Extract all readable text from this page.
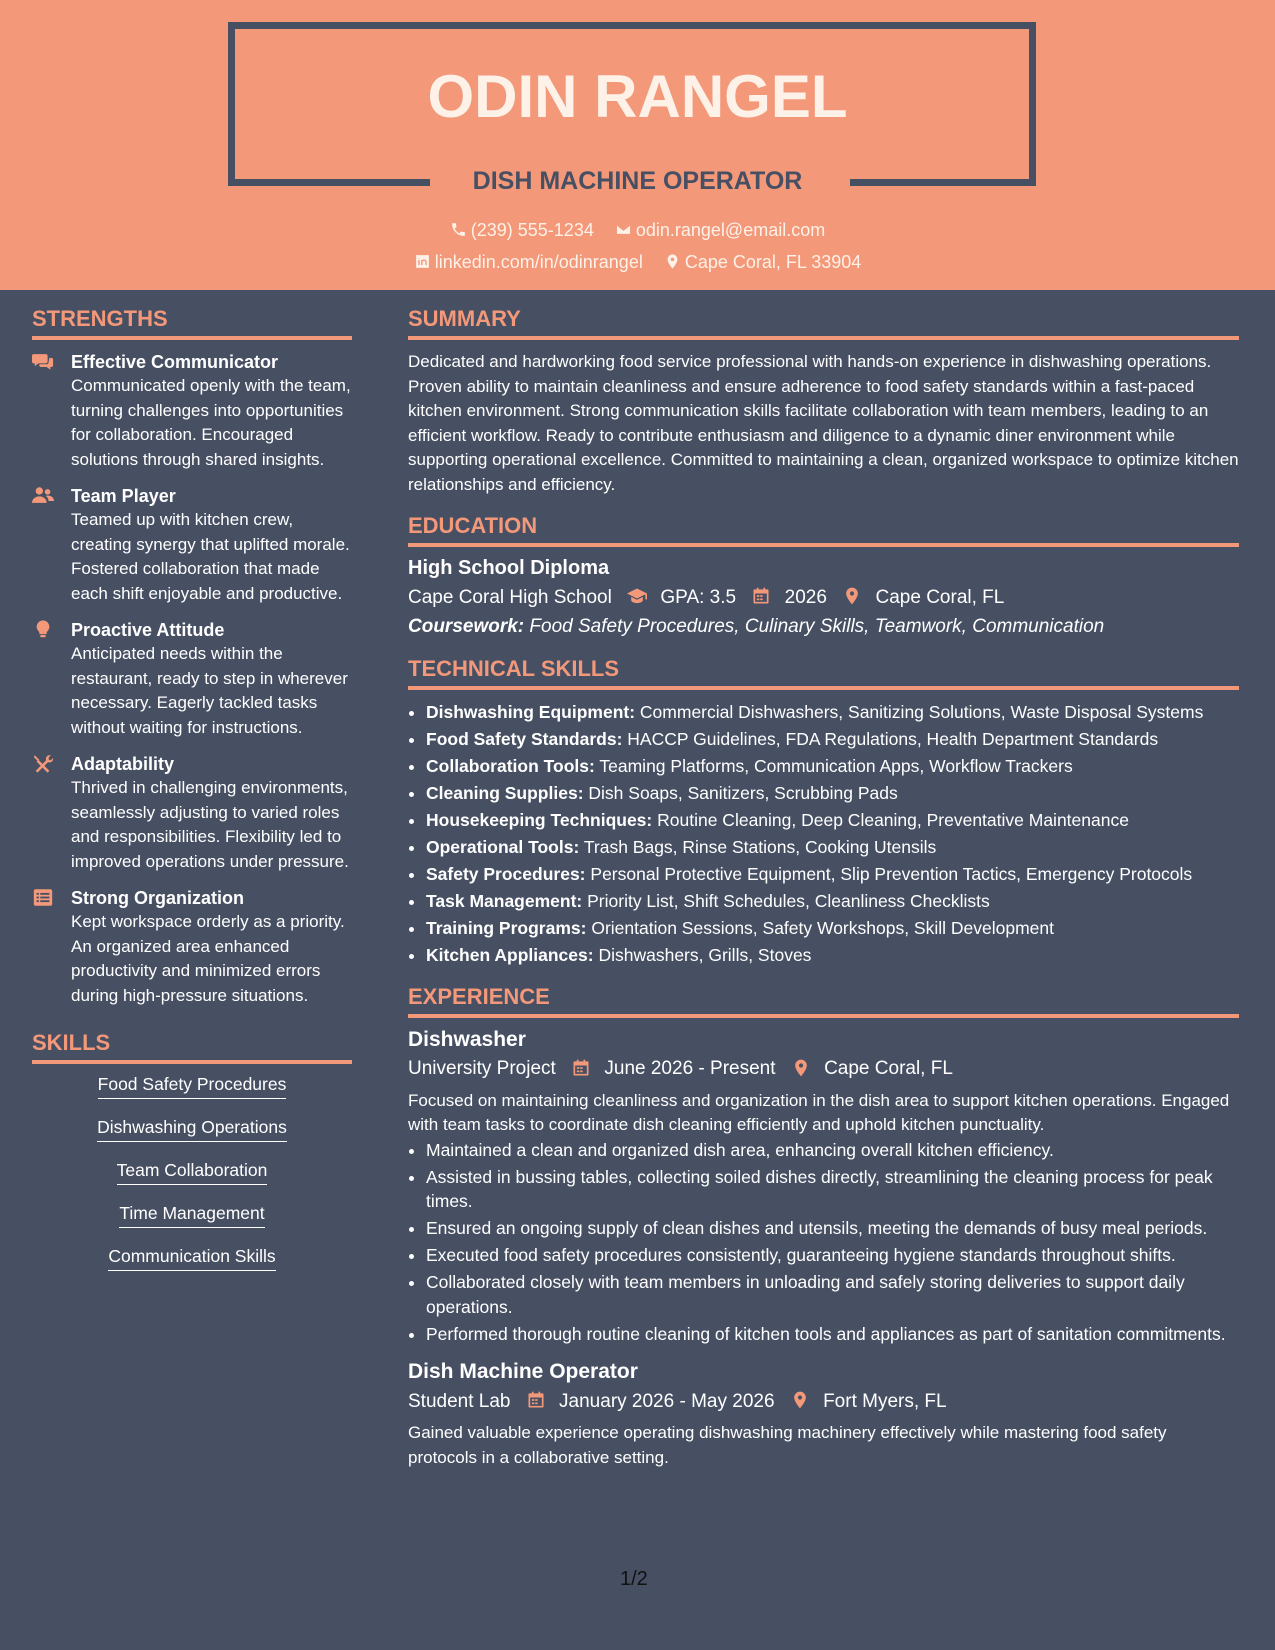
ODIN RANGEL
DISH MACHINE OPERATOR
(239) 555-1234 odin.rangel@email.com
linkedin.com/in/odinrangel Cape Coral, FL 33904
STRENGTHS
Effective Communicator
Communicated openly with the team, turning challenges into opportunities for collaboration. Encouraged solutions through shared insights.
Team Player
Teamed up with kitchen crew, creating synergy that uplifted morale. Fostered collaboration that made each shift enjoyable and productive.
Proactive Attitude
Anticipated needs within the restaurant, ready to step in wherever necessary. Eagerly tackled tasks without waiting for instructions.
Adaptability
Thrived in challenging environments, seamlessly adjusting to varied roles and responsibilities. Flexibility led to improved operations under pressure.
Strong Organization
Kept workspace orderly as a priority. An organized area enhanced productivity and minimized errors during high-pressure situations.
SKILLS
Food Safety Procedures
Dishwashing Operations
Team Collaboration
Time Management
Communication Skills
SUMMARY
Dedicated and hardworking food service professional with hands-on experience in dishwashing operations. Proven ability to maintain cleanliness and ensure adherence to food safety standards within a fast-paced kitchen environment. Strong communication skills facilitate collaboration with team members, leading to an efficient workflow. Ready to contribute enthusiasm and diligence to a dynamic diner environment while supporting operational excellence. Committed to maintaining a clean, organized workspace to optimize kitchen relationships and efficiency.
EDUCATION
High School Diploma
Cape Coral High School	GPA: 3.5	2026	Cape Coral, FL
Coursework: Food Safety Procedures, Culinary Skills, Teamwork, Communication
TECHNICAL SKILLS
• Dishwashing Equipment: Commercial Dishwashers, Sanitizing Solutions, Waste Disposal Systems
• Food Safety Standards: HACCP Guidelines, FDA Regulations, Health Department Standards
• Collaboration Tools: Teaming Platforms, Communication Apps, Workflow Trackers
• Cleaning Supplies: Dish Soaps, Sanitizers, Scrubbing Pads
• Housekeeping Techniques: Routine Cleaning, Deep Cleaning, Preventative Maintenance
• Operational Tools: Trash Bags, Rinse Stations, Cooking Utensils
• Safety Procedures: Personal Protective Equipment, Slip Prevention Tactics, Emergency Protocols
• Task Management: Priority List, Shift Schedules, Cleanliness Checklists
• Training Programs: Orientation Sessions, Safety Workshops, Skill Development
• Kitchen Appliances: Dishwashers, Grills, Stoves
EXPERIENCE
Dishwasher
University Project	June 2026 - Present	Cape Coral, FL
Focused on maintaining cleanliness and organization in the dish area to support kitchen operations. Engaged with team tasks to coordinate dish cleaning efficiently and uphold kitchen punctuality.
• Maintained a clean and organized dish area, enhancing overall kitchen efficiency.
• Assisted in bussing tables, collecting soiled dishes directly, streamlining the cleaning process for peak times.
• Ensured an ongoing supply of clean dishes and utensils, meeting the demands of busy meal periods.
• Executed food safety procedures consistently, guaranteeing hygiene standards throughout shifts.
• Collaborated closely with team members in unloading and safely storing deliveries to support daily operations.
• Performed thorough routine cleaning of kitchen tools and appliances as part of sanitation commitments.
Dish Machine Operator
Student Lab	January 2026 - May 2026	Fort Myers, FL
Gained valuable experience operating dishwashing machinery effectively while mastering food safety protocols in a collaborative setting.
1/2
